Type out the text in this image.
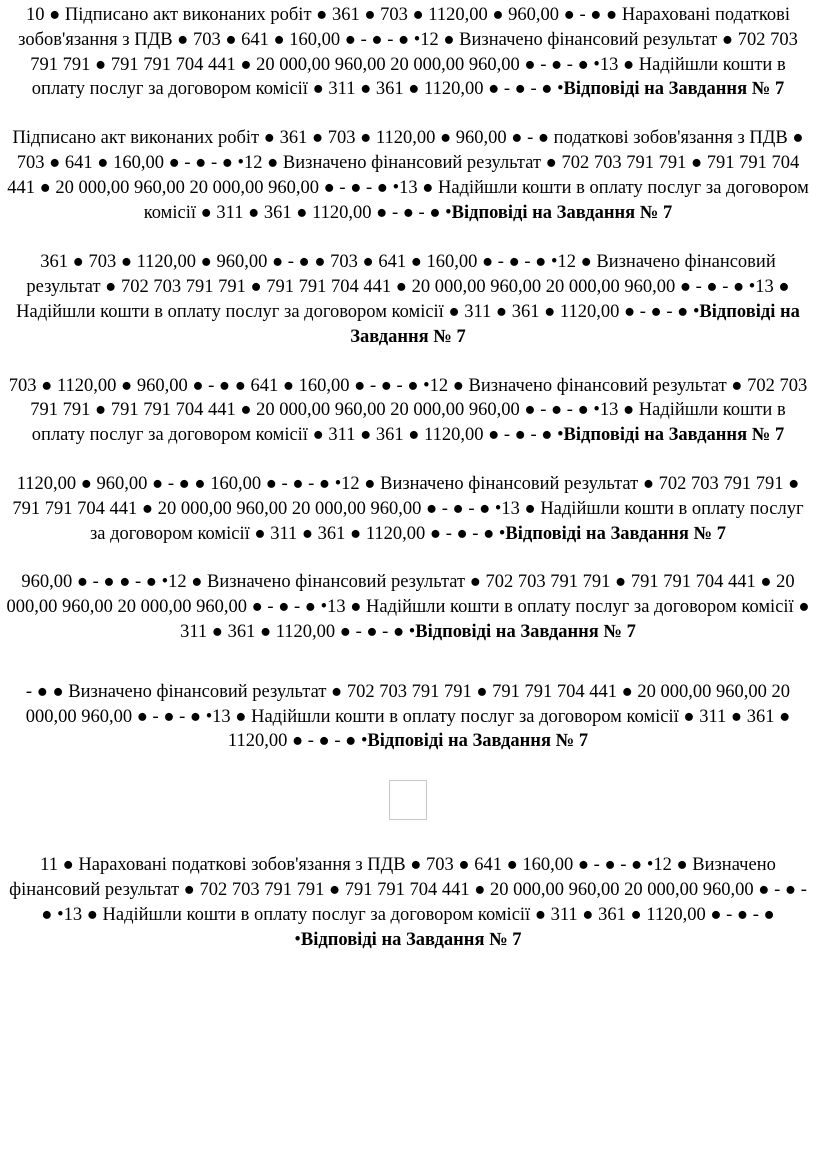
10 ● Підписано акт виконаних робіт ● 361 ● 703 ● 1120,00 ● 960,00 ● - ● ● Нараховані податкові зобов'язання з ПДВ ● 703 ● 641 ● 160,00 ● - ● - ● •12 ● Визначено фінансовий результат ● 702 703 791 791 ● 791 791 704 441 ● 20 000,00 960,00 20 000,00 960,00 ● - ● - ● •13 ● Надійшли кошти в оплату послуг за договором комісії ● 311 ● 361 ● 1120,00 ● - ● - ● •Відповіді на Завдання № 7

Підписано акт виконаних робіт ● 361 ● 703 ● 1120,00 ● 960,00 ● - ● податкові зобов'язання з ПДВ ● 703 ● 641 ● 160,00 ● - ● - ● •12 ● Визначено фінансовий результат ● 702 703 791 791 ● 791 791 704 441 ● 20 000,00 960,00 20 000,00 960,00 ● - ● - ● •13 ● Надійшли кошти в оплату послуг за договором комісії ● 311 ● 361 ● 1120,00 ● - ● - ● •Відповіді на Завдання № 7

361 ● 703 ● 1120,00 ● 960,00 ● - ● ● 703 ● 641 ● 160,00 ● - ● - ● •12 ● Визначено фінансовий результат ● 702 703 791 791 ● 791 791 704 441 ● 20 000,00 960,00 20 000,00 960,00 ● - ● - ● •13 ● Надійшли кошти в оплату послуг за договором комісії ● 311 ● 361 ● 1120,00 ● - ● - ● •Відповіді на Завдання № 7

703 ● 1120,00 ● 960,00 ● - ● ● 641 ● 160,00 ● - ● - ● •12 ● Визначено фінансовий результат ● 702 703 791 791 ● 791 791 704 441 ● 20 000,00 960,00 20 000,00 960,00 ● - ● - ● •13 ● Надійшли кошти в оплату послуг за договором комісії ● 311 ● 361 ● 1120,00 ● - ● - ● •Відповіді на Завдання № 7

1120,00 ● 960,00 ● - ● ● 160,00 ● - ● - ● •12 ● Визначено фінансовий результат ● 702 703 791 791 ● 791 791 704 441 ● 20 000,00 960,00 20 000,00 960,00 ● - ● - ● •13 ● Надійшли кошти в оплату послуг за договором комісії ● 311 ● 361 ● 1120,00 ● - ● - ● •Відповіді на Завдання № 7

960,00 ● - ● ● - ● •12 ● Визначено фінансовий результат ● 702 703 791 791 ● 791 791 704 441 ● 20 000,00 960,00 20 000,00 960,00 ● - ● - ● •13 ● Надійшли кошти в оплату послуг за договором комісії ● 311 ● 361 ● 1120,00 ● - ● - ● •Відповіді на Завдання № 7

- ● ● Визначено фінансовий результат ● 702 703 791 791 ● 791 791 704 441 ● 20 000,00 960,00 20 000,00 960,00 ● - ● - ● •13 ● Надійшли кошти в оплату послуг за договором комісії ● 311 ● 361 ● 1120,00 ● - ● - ● •Відповіді на Завдання № 7

11 ● Нараховані податкові зобов'язання з ПДВ ● 703 ● 641 ● 160,00 ● - ● - ● •12 ● Визначено фінансовий результат ● 702 703 791 791 ● 791 791 704 441 ● 20 000,00 960,00 20 000,00 960,00 ● - ● - ● •13 ● Надійшли кошти в оплату послуг за договором комісії ● 311 ● 361 ● 1120,00 ● - ● - ● •Відповіді на Завдання № 7
